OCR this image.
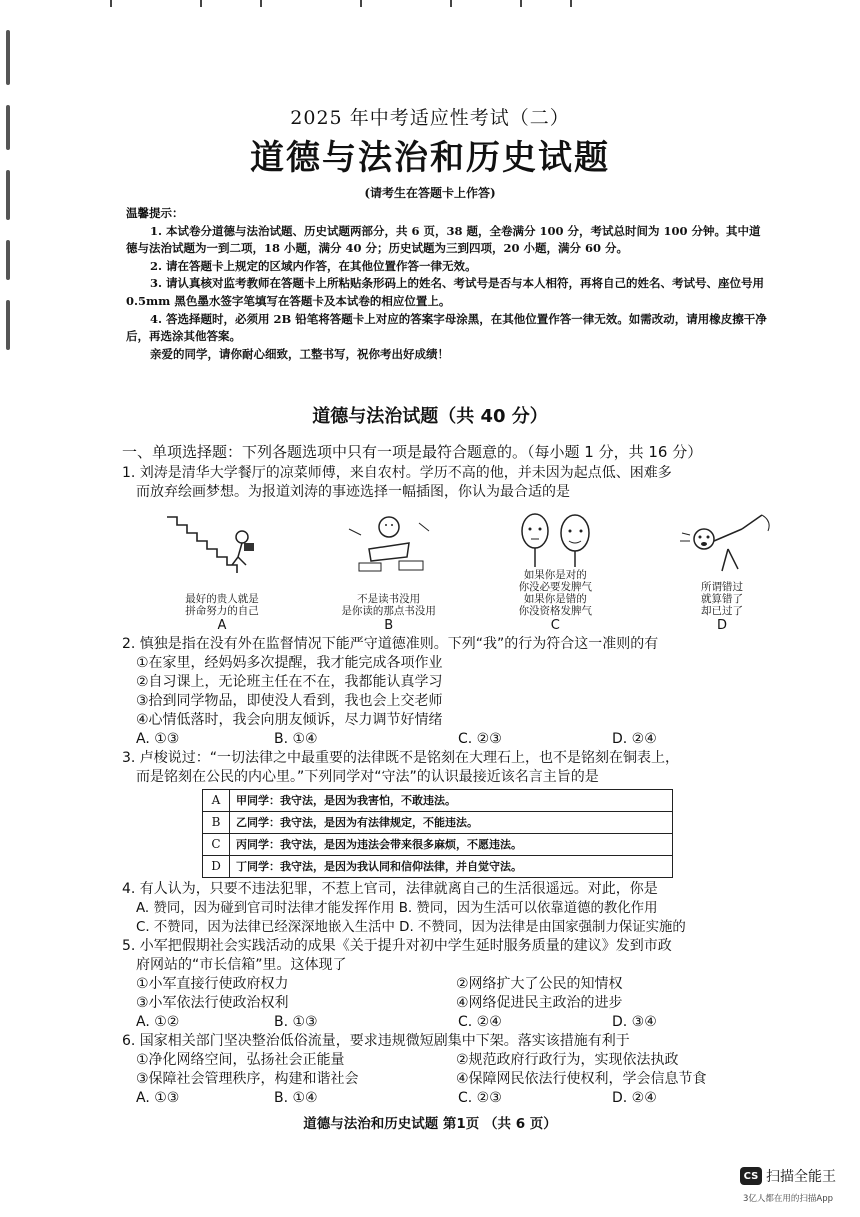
2025 年中考适应性考试（二）
道德与法治和历史试题
(请考生在答题卡上作答)

温馨提示：

1. 本试卷分道德与法治试题、历史试题两部分，共 6 页，38 题，全卷满分 100 分，考试总时间为 100 分钟。其中道德与法治试题为一到二项，18 小题，满分 40 分；历史试题为三到四项，20 小题，满分 60 分。

2. 请在答题卡上规定的区域内作答，在其他位置作答一律无效。

3. 请认真核对监考教师在答题卡上所粘贴条形码上的姓名、考试号是否与本人相符，再将自己的姓名、考试号、座位号用 0.5mm 黑色墨水签字笔填写在答题卡及本试卷的相应位置上。

4. 答选择题时，必须用 2B 铅笔将答题卡上对应的答案字母涂黑，在其他位置作答一律无效。如需改动，请用橡皮擦干净后，再选涂其他答案。

亲爱的同学，请你耐心细致，工整书写，祝你考出好成绩！

道德与法治试题（共 40 分）

一、单项选择题：下列各题选项中只有一项是最符合题意的。（每小题 1 分，共 16 分）

1. 刘涛是清华大学餐厅的凉菜师傅，来自农村。学历不高的他，并未因为起点低、困难多

而放弃绘画梦想。为报道刘涛的事迹选择一幅插图，你认为最合适的是

最好的贵人就是
拼命努力的自己
A
不是读书没用
是你读的那点书没用
B
如果你是对的
你没必要发脾气
如果你是错的
你没资格发脾气
C
所谓错过
就算错了
却已过了
D

2. 慎独是指在没有外在监督情况下能严守道德准则。下列“我”的行为符合这一准则的有

①在家里，经妈妈多次提醒，我才能完成各项作业

②自习课上，无论班主任在不在，我都能认真学习

③拾到同学物品，即使没人看到，我也会上交老师

④心情低落时，我会向朋友倾诉，尽力调节好情绪

A. ①③	B. ①④	C. ②③	D. ②④

3. 卢梭说过：“一切法律之中最重要的法律既不是铭刻在大理石上，也不是铭刻在铜表上，

而是铭刻在公民的内心里。”下列同学对“守法”的认识最接近该名言主旨的是

A	甲同学：我守法，是因为我害怕，不敢违法。
B	乙同学：我守法，是因为有法律规定，不能违法。
C	丙同学：我守法，是因为违法会带来很多麻烦，不愿违法。
D	丁同学：我守法，是因为我认同和信仰法律，并自觉守法。

4. 有人认为，只要不违法犯罪，不惹上官司，法律就离自己的生活很遥远。对此，你是

A. 赞同，因为碰到官司时法律才能发挥作用 B. 赞同，因为生活可以依靠道德的教化作用

C. 不赞同，因为法律已经深深地嵌入生活中 D. 不赞同，因为法律是由国家强制力保证实施的

5. 小军把假期社会实践活动的成果《关于提升对初中学生延时服务质量的建议》发到市政

府网站的“市长信箱”里。这体现了

①小军直接行使政府权力	②网络扩大了公民的知情权
③小军依法行使政治权利	④网络促进民主政治的进步
A. ①②	B. ①③	C. ②④	D. ③④

6. 国家相关部门坚决整治低俗流量，要求违规微短剧集中下架。落实该措施有利于

①净化网络空间，弘扬社会正能量	②规范政府行政行为，实现依法执政
③保障社会管理秩序，构建和谐社会	④保障网民依法行使权利，学会信息节食
A. ①③	B. ①④	C. ②③	D. ②④
道德与法治和历史试题 第1页 （共 6 页）
CS 扫描全能王
3亿人都在用的扫描App
